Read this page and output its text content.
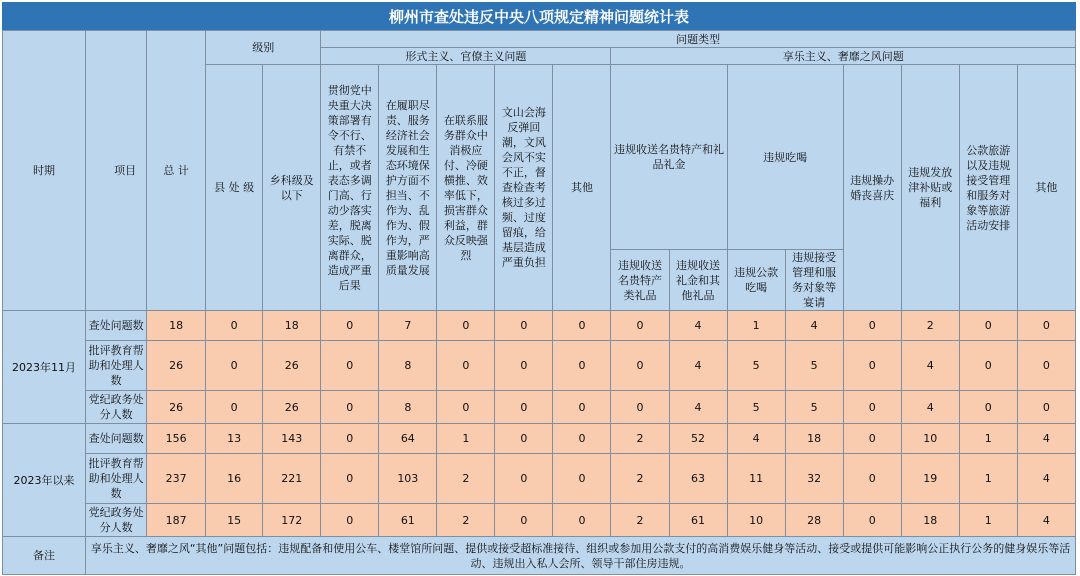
柳州市查处违反中央八项规定精神问题统计表
时期	项目	总 计	级别		问题类型												
					形式主义、官僚主义问题					享乐主义、奢靡之风问题							
			县 处 级	乡科级及以下	贯彻党中央重大决策部署有令不行、有禁不止，或者表态多调门高、行动少落实差，脱离实际、脱离群众，造成严重后果	在履职尽责、服务经济社会发展和生态环境保护方面不担当、不作为、乱作为、假作为，严重影响高质量发展	在联系服务群众中消极应付、冷硬横推、效率低下，损害群众利益，群众反映强烈	文山会海反弹回潮，文风会风不实不正，督查检查考核过多过频、过度留痕，给基层造成严重负担	其他	违规收送名贵特产和礼品礼金		违规吃喝		违规操办婚丧喜庆	违规发放津补贴或福利	公款旅游以及违规接受管理和服务对象等旅游活动安排	其他
										违规收送名贵特产类礼品	违规收送礼金和其他礼品	违规公款吃喝	违规接受管理和服务对象等宴请				
2023年11月	查处问题数	18	0	18	0	7	0	0	0	0	4	1	4	0	2	0	0
	批评教育帮助和处理人数	26	0	26	0	8	0	0	0	0	4	5	5	0	4	0	0
	党纪政务处分人数	26	0	26	0	8	0	0	0	0	4	5	5	0	4	0	0
2023年以来	查处问题数	156	13	143	0	64	1	0	0	2	52	4	18	0	10	1	4
	批评教育帮助和处理人数	237	16	221	0	103	2	0	0	2	63	11	32	0	19	1	4
	党纪政务处分人数	187	15	172	0	61	2	0	0	2	61	10	28	0	18	1	4
备注	享乐主义、奢靡之风“其他”问题包括：违规配备和使用公车、楼堂馆所问题、提供或接受超标准接待、组织或参加用公款支付的高消费娱乐健身等活动、接受或提供可能影响公正执行公务的健身娱乐等活动、违规出入私人会所、领导干部住房违规。																
